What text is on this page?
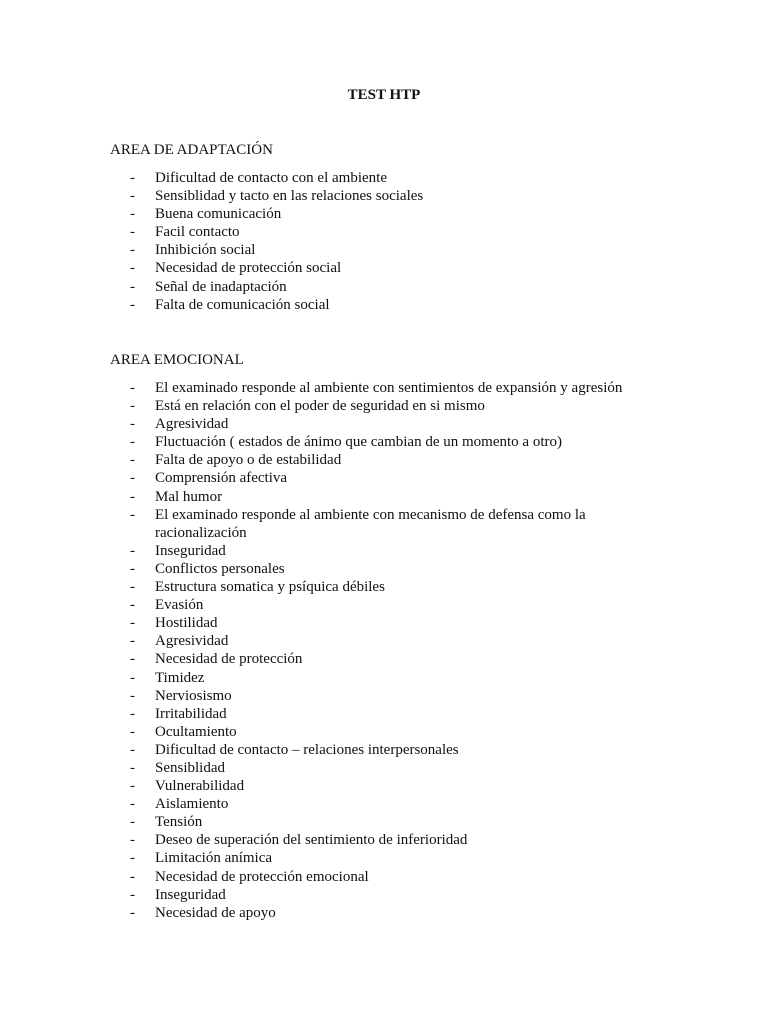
TEST HTP
AREA DE ADAPTACIÓN
- Dificultad de contacto con el ambiente
- Sensiblidad y tacto en las relaciones sociales
- Buena comunicación
- Facil contacto
- Inhibición social
- Necesidad de protección social
- Señal de inadaptación
- Falta de comunicación social
AREA EMOCIONAL
- El examinado responde al ambiente con sentimientos de expansión y agresión
- Está en relación con el poder de seguridad en si mismo
- Agresividad
- Fluctuación ( estados de ánimo que cambian de un momento a otro)
- Falta de apoyo o de estabilidad
- Comprensión afectiva
- Mal humor
- El examinado responde al ambiente con mecanismo de defensa como la racionalización
- Inseguridad
- Conflictos personales
- Estructura somatica y psíquica débiles
- Evasión
- Hostilidad
- Agresividad
- Necesidad de protección
- Timidez
- Nerviosismo
- Irritabilidad
- Ocultamiento
- Dificultad de contacto – relaciones interpersonales
- Sensiblidad
- Vulnerabilidad
- Aislamiento
- Tensión
- Deseo de superación del sentimiento de inferioridad
- Limitación anímica
- Necesidad de protección emocional
- Inseguridad
- Necesidad de apoyo
